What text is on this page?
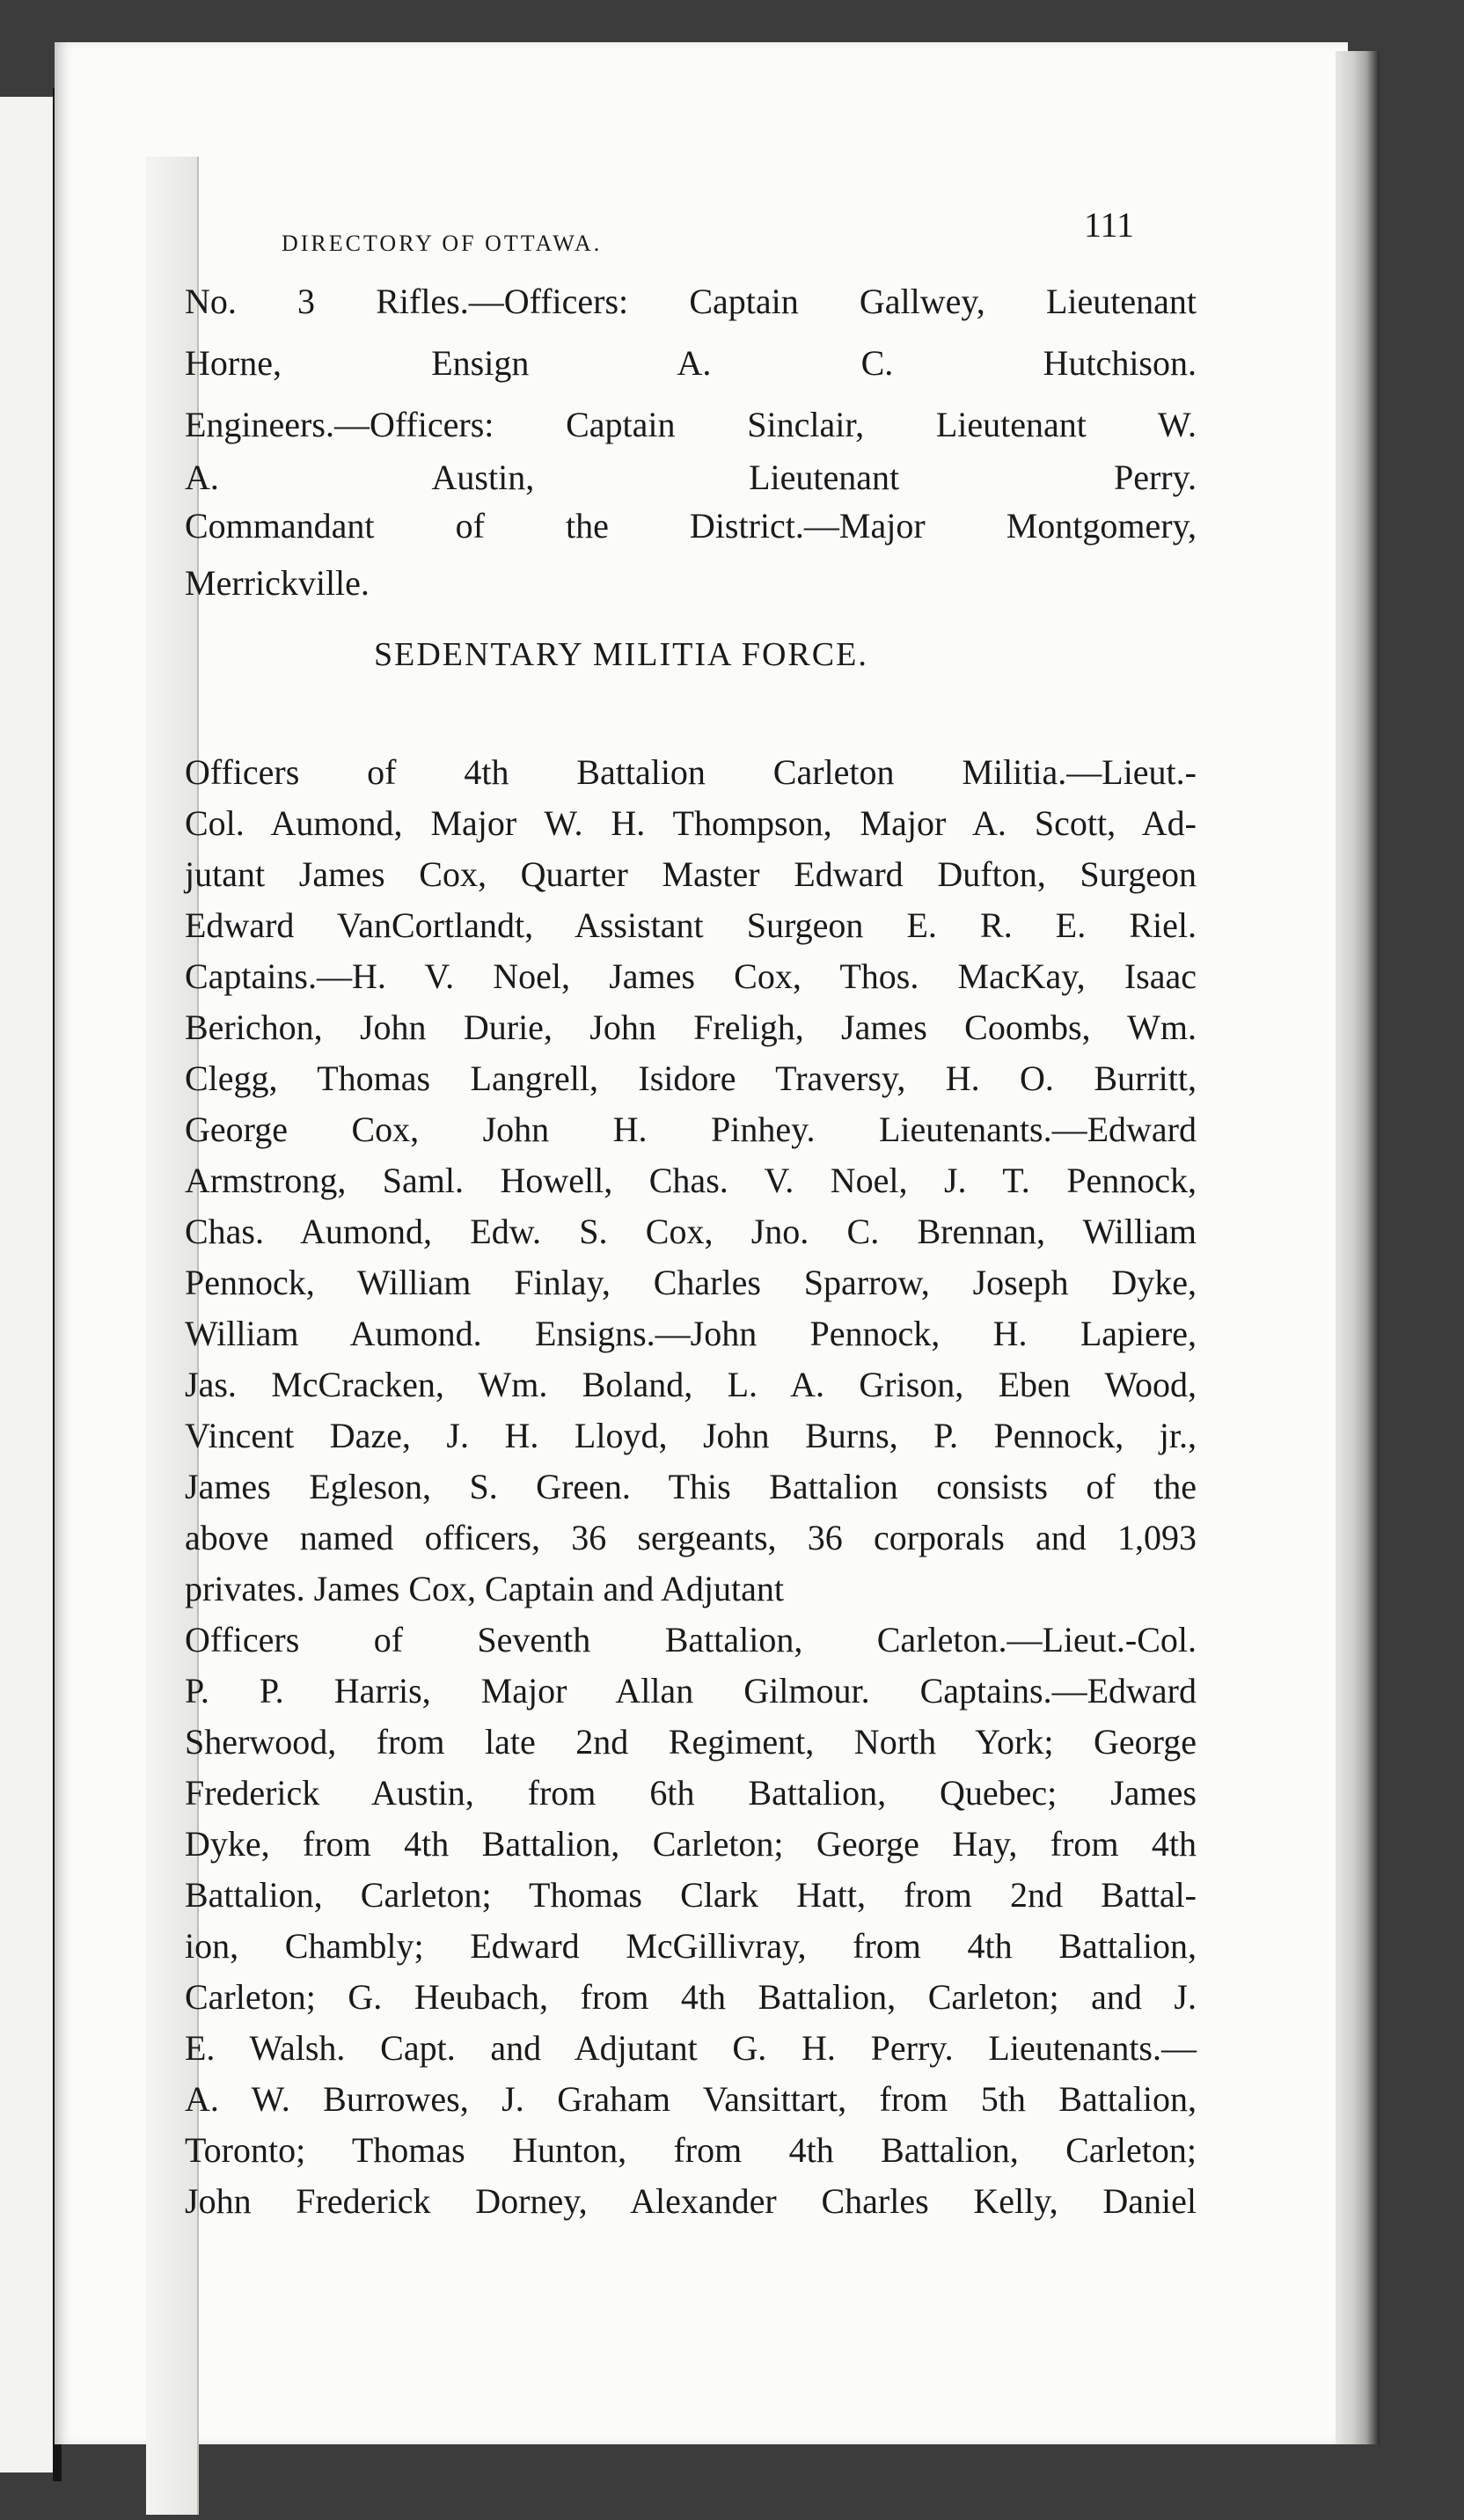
DIRECTORY OF OTTAWA.	111
No. 3 Rifles.—Officers: Captain Gallwey, Lieutenant
Horne, Ensign A. C. Hutchison.
Engineers.—Officers: Captain Sinclair, Lieutenant W.
A. Austin, Lieutenant Perry.
Commandant of the District.—Major Montgomery,
Merrickville.
SEDENTARY MILITIA FORCE.
Officers of 4th Battalion Carleton Militia.—Lieut.-
Col. Aumond, Major W. H. Thompson, Major A. Scott, Ad-
jutant James Cox, Quarter Master Edward Dufton, Surgeon
Edward VanCortlandt, Assistant Surgeon E. R. E. Riel.
Captains.—H. V. Noel, James Cox, Thos. MacKay, Isaac
Berichon, John Durie, John Freligh, James Coombs, Wm.
Clegg, Thomas Langrell, Isidore Traversy, H. O. Burritt,
George Cox, John H. Pinhey. Lieutenants.—Edward
Armstrong, Saml. Howell, Chas. V. Noel, J. T. Pennock,
Chas. Aumond, Edw. S. Cox, Jno. C. Brennan, William
Pennock, William Finlay, Charles Sparrow, Joseph Dyke,
William Aumond. Ensigns.—John Pennock, H. Lapiere,
Jas. McCracken, Wm. Boland, L. A. Grison, Eben Wood,
Vincent Daze, J. H. Lloyd, John Burns, P. Pennock, jr.,
James Egleson, S. Green. This Battalion consists of the
above named officers, 36 sergeants, 36 corporals and 1,093
privates. James Cox, Captain and Adjutant
Officers of Seventh Battalion, Carleton.—Lieut.-Col.
P. P. Harris, Major Allan Gilmour. Captains.—Edward
Sherwood, from late 2nd Regiment, North York; George
Frederick Austin, from 6th Battalion, Quebec; James
Dyke, from 4th Battalion, Carleton; George Hay, from 4th
Battalion, Carleton; Thomas Clark Hatt, from 2nd Battal-
ion, Chambly; Edward McGillivray, from 4th Battalion,
Carleton; G. Heubach, from 4th Battalion, Carleton; and J.
E. Walsh. Capt. and Adjutant G. H. Perry. Lieutenants.—
A. W. Burrowes, J. Graham Vansittart, from 5th Battalion,
Toronto; Thomas Hunton, from 4th Battalion, Carleton;
John Frederick Dorney, Alexander Charles Kelly, Daniel
